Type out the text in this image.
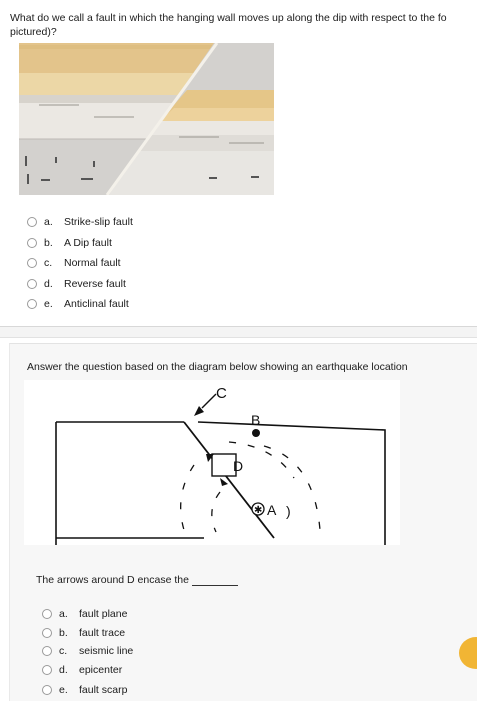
What do we call a fault in which the hanging wall moves up along the dip with respect to the fo
pictured)?
a.	Strike-slip fault
b.	A Dip fault
c.	Normal fault
d.	Reverse fault
e.	Anticlinal fault
Answer the question based on the diagram below showing an earthquake location
C
B
D
✱ A )
The arrows around D encase the
a.	fault plane
b.	fault trace
c.	seismic line
d.	epicenter
e.	fault scarp
